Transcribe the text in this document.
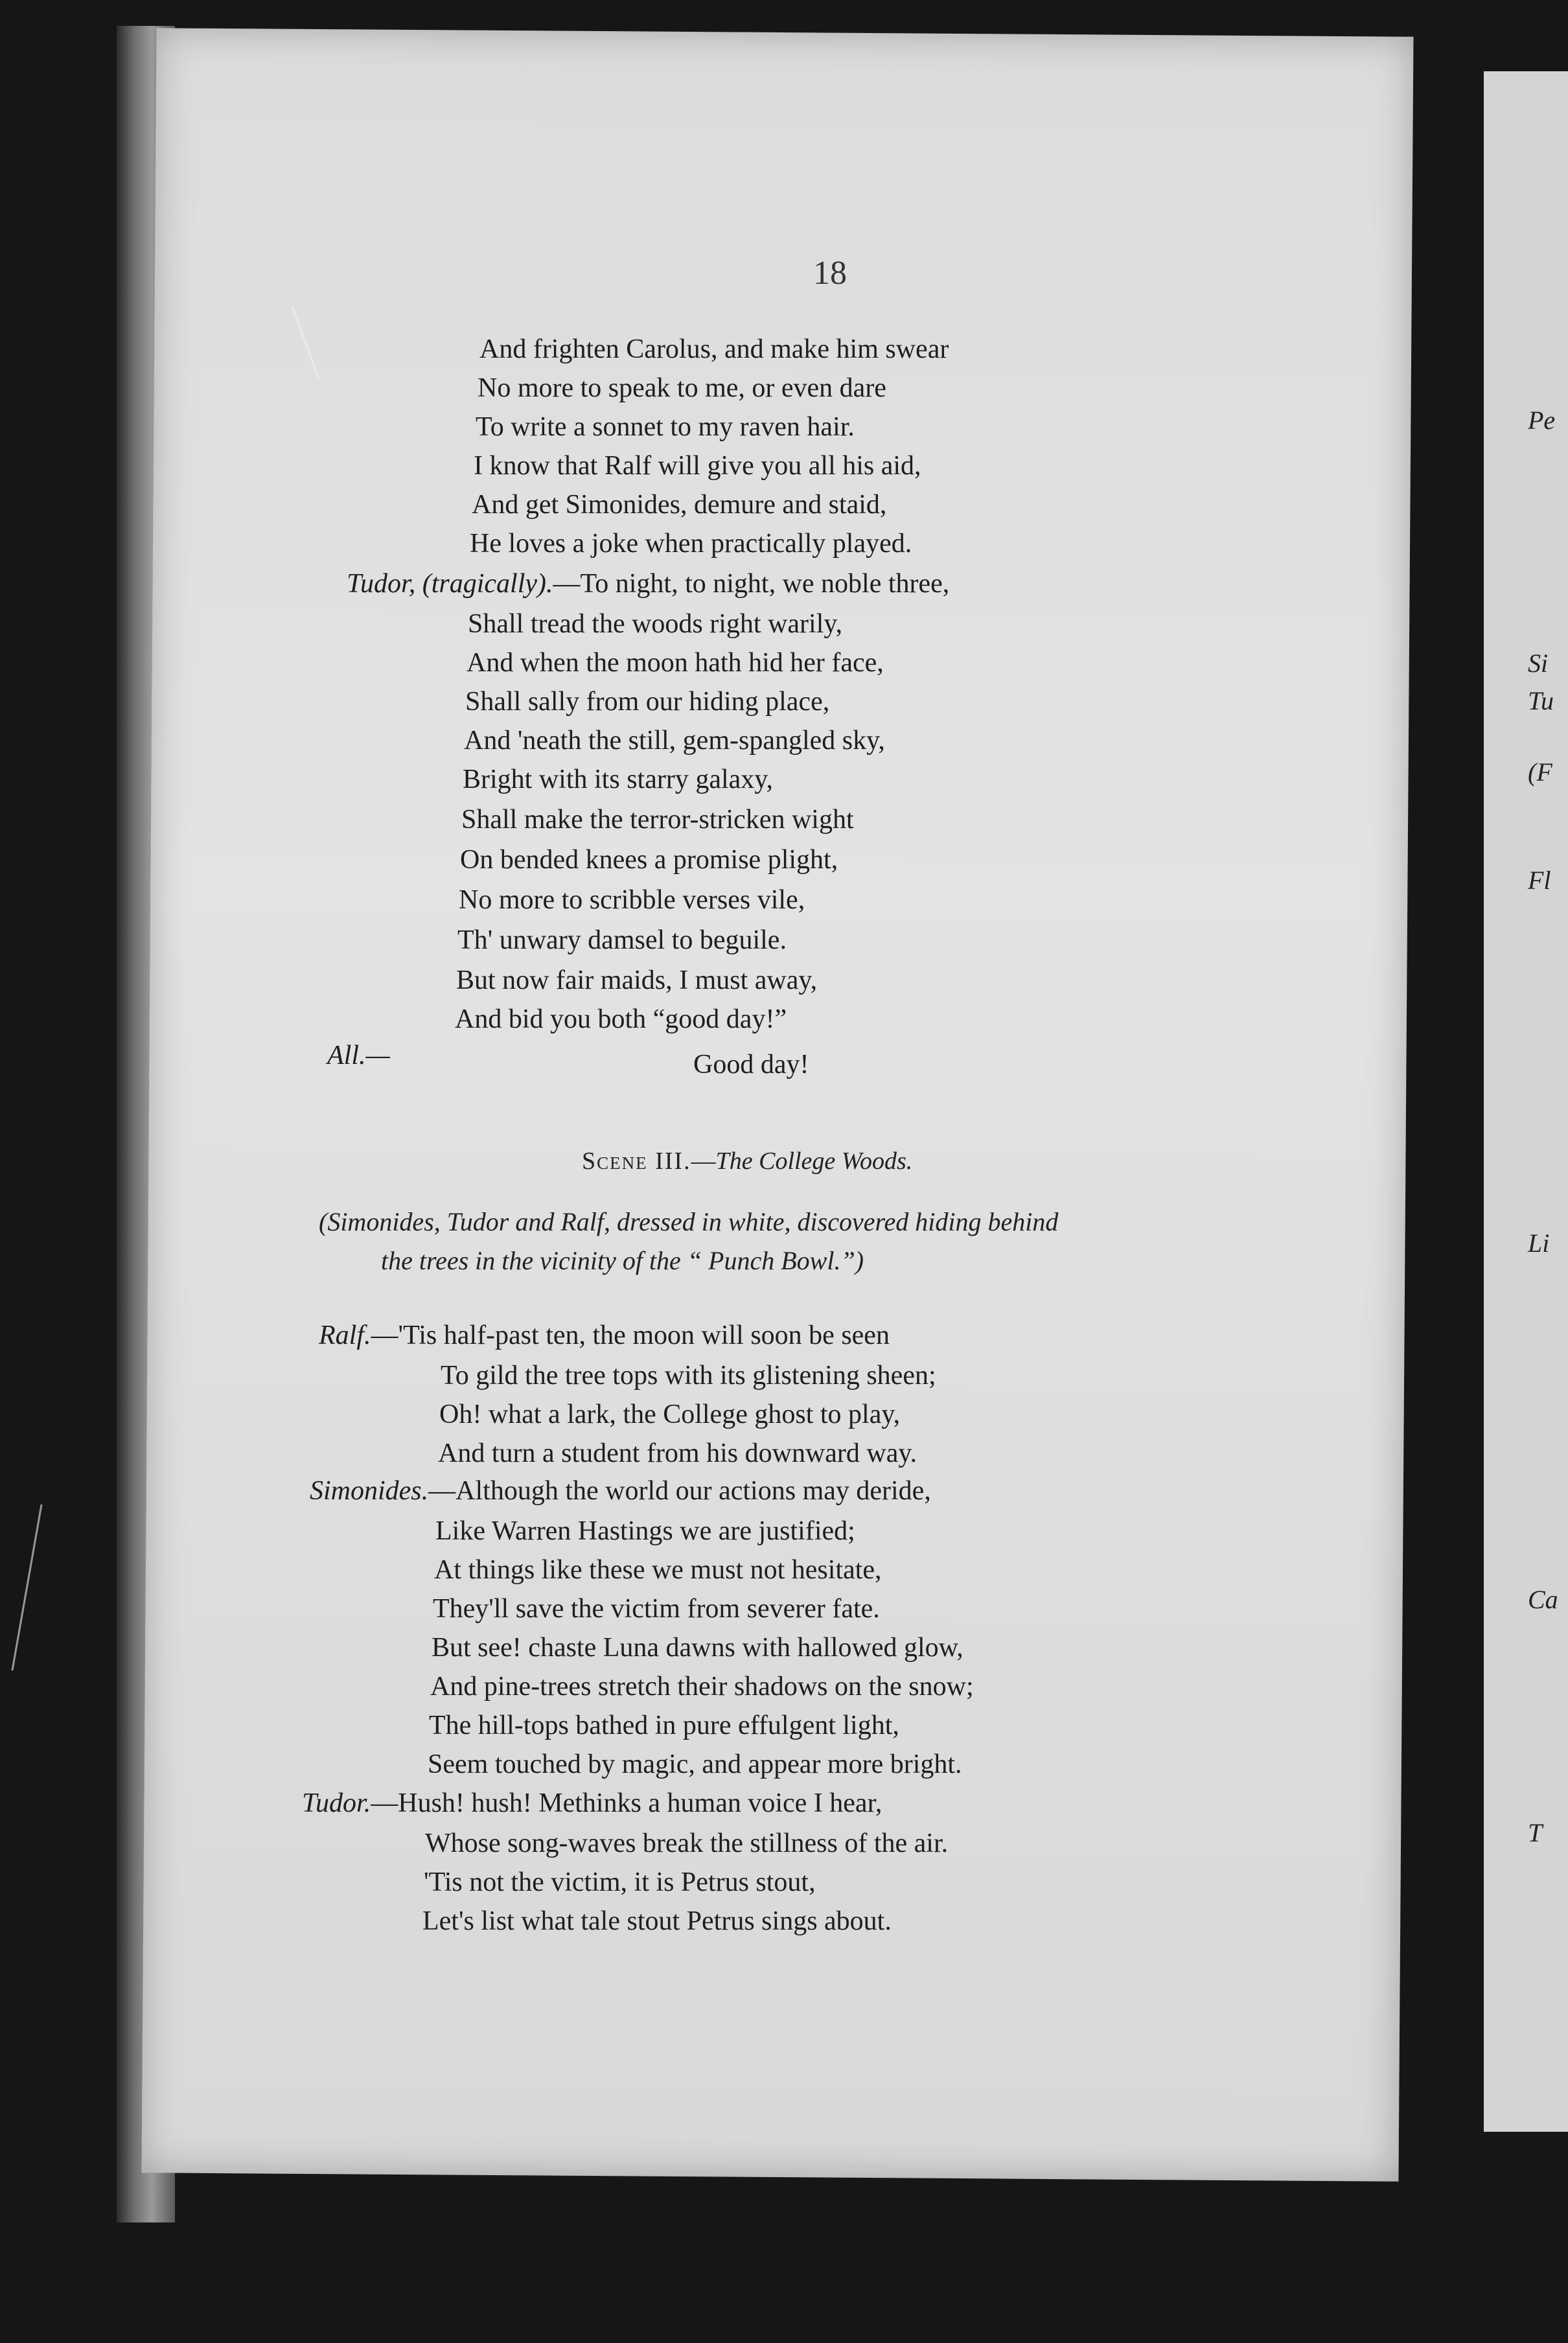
Pe
Si
Tu
(F
Fl
Li
Ca
T
18
And frighten Carolus, and make him swear
No more to speak to me, or even dare
To write a sonnet to my raven hair.
I know that Ralf will give you all his aid,
And get Simonides, demure and staid,
He loves a joke when practically played.
Tudor, (tragically).—To night, to night, we noble three,
Shall tread the woods right warily,
And when the moon hath hid her face,
Shall sally from our hiding place,
And 'neath the still, gem-spangled sky,
Bright with its starry galaxy,
Shall make the terror-stricken wight
On bended knees a promise plight,
No more to scribble verses vile,
Th' unwary damsel to beguile.
But now fair maids, I must away,
And bid you both “good day!”
All.—	Good day!
Scene III.—The College Woods.
(Simonides, Tudor and Ralf, dressed in white, discovered hiding behind
the trees in the vicinity of the “ Punch Bowl.”)
Ralf.—'Tis half-past ten, the moon will soon be seen
To gild the tree tops with its glistening sheen;
Oh! what a lark, the College ghost to play,
And turn a student from his downward way.
Simonides.—Although the world our actions may deride,
Like Warren Hastings we are justified;
At things like these we must not hesitate,
They'll save the victim from severer fate.
But see! chaste Luna dawns with hallowed glow,
And pine-trees stretch their shadows on the snow;
The hill-tops bathed in pure effulgent light,
Seem touched by magic, and appear more bright.
Tudor.—Hush! hush! Methinks a human voice I hear,
Whose song-waves break the stillness of the air.
'Tis not the victim, it is Petrus stout,
Let's list what tale stout Petrus sings about.
